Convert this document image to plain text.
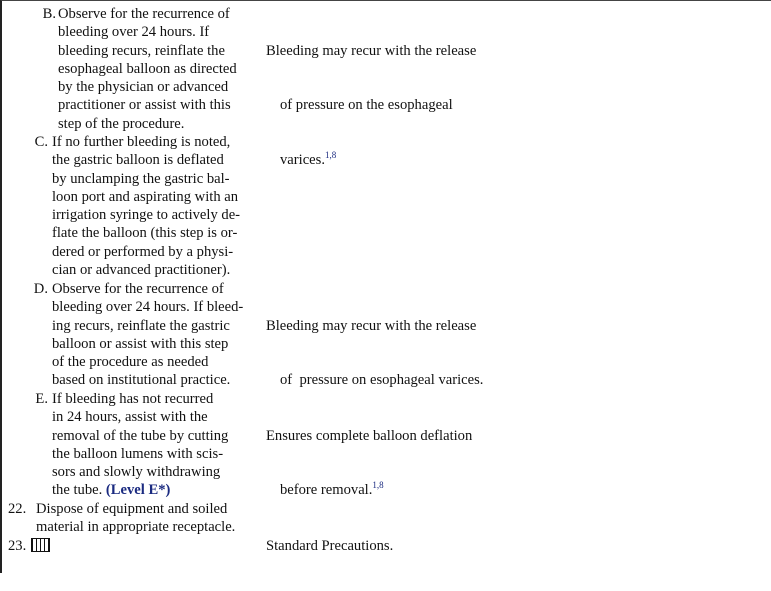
B. Observe for the recurrence of
bleeding over 24 hours. If
bleeding recurs, reinflate the
esophageal balloon as directed
by the physician or advanced
practitioner or assist with this
step of the procedure.
C. If no further bleeding is noted,
the gastric balloon is deflated
by unclamping the gastric bal-
loon port and aspirating with an
irrigation syringe to actively de-
flate the balloon (this step is or-
dered or performed by a physi-
cian or advanced practitioner).
D. Observe for the recurrence of
bleeding over 24 hours. If bleed-
ing recurs, reinflate the gastric
balloon or assist with this step
of the procedure as needed
based on institutional practice.
E. If bleeding has not recurred
in 24 hours, assist with the
removal of the tube by cutting
the balloon lumens with scis-
sors and slowly withdrawing
the tube. (Level E*)
22. Dispose of equipment and soiled
material in appropriate receptacle.
23.

Bleeding may recur with the release

of pressure on the esophageal

varices.$^{1,8}$

Bleeding may recur with the release

of  pressure on esophageal varices.

Ensures complete balloon deflation

before removal.$^{1,8}$

Standard Precautions.
